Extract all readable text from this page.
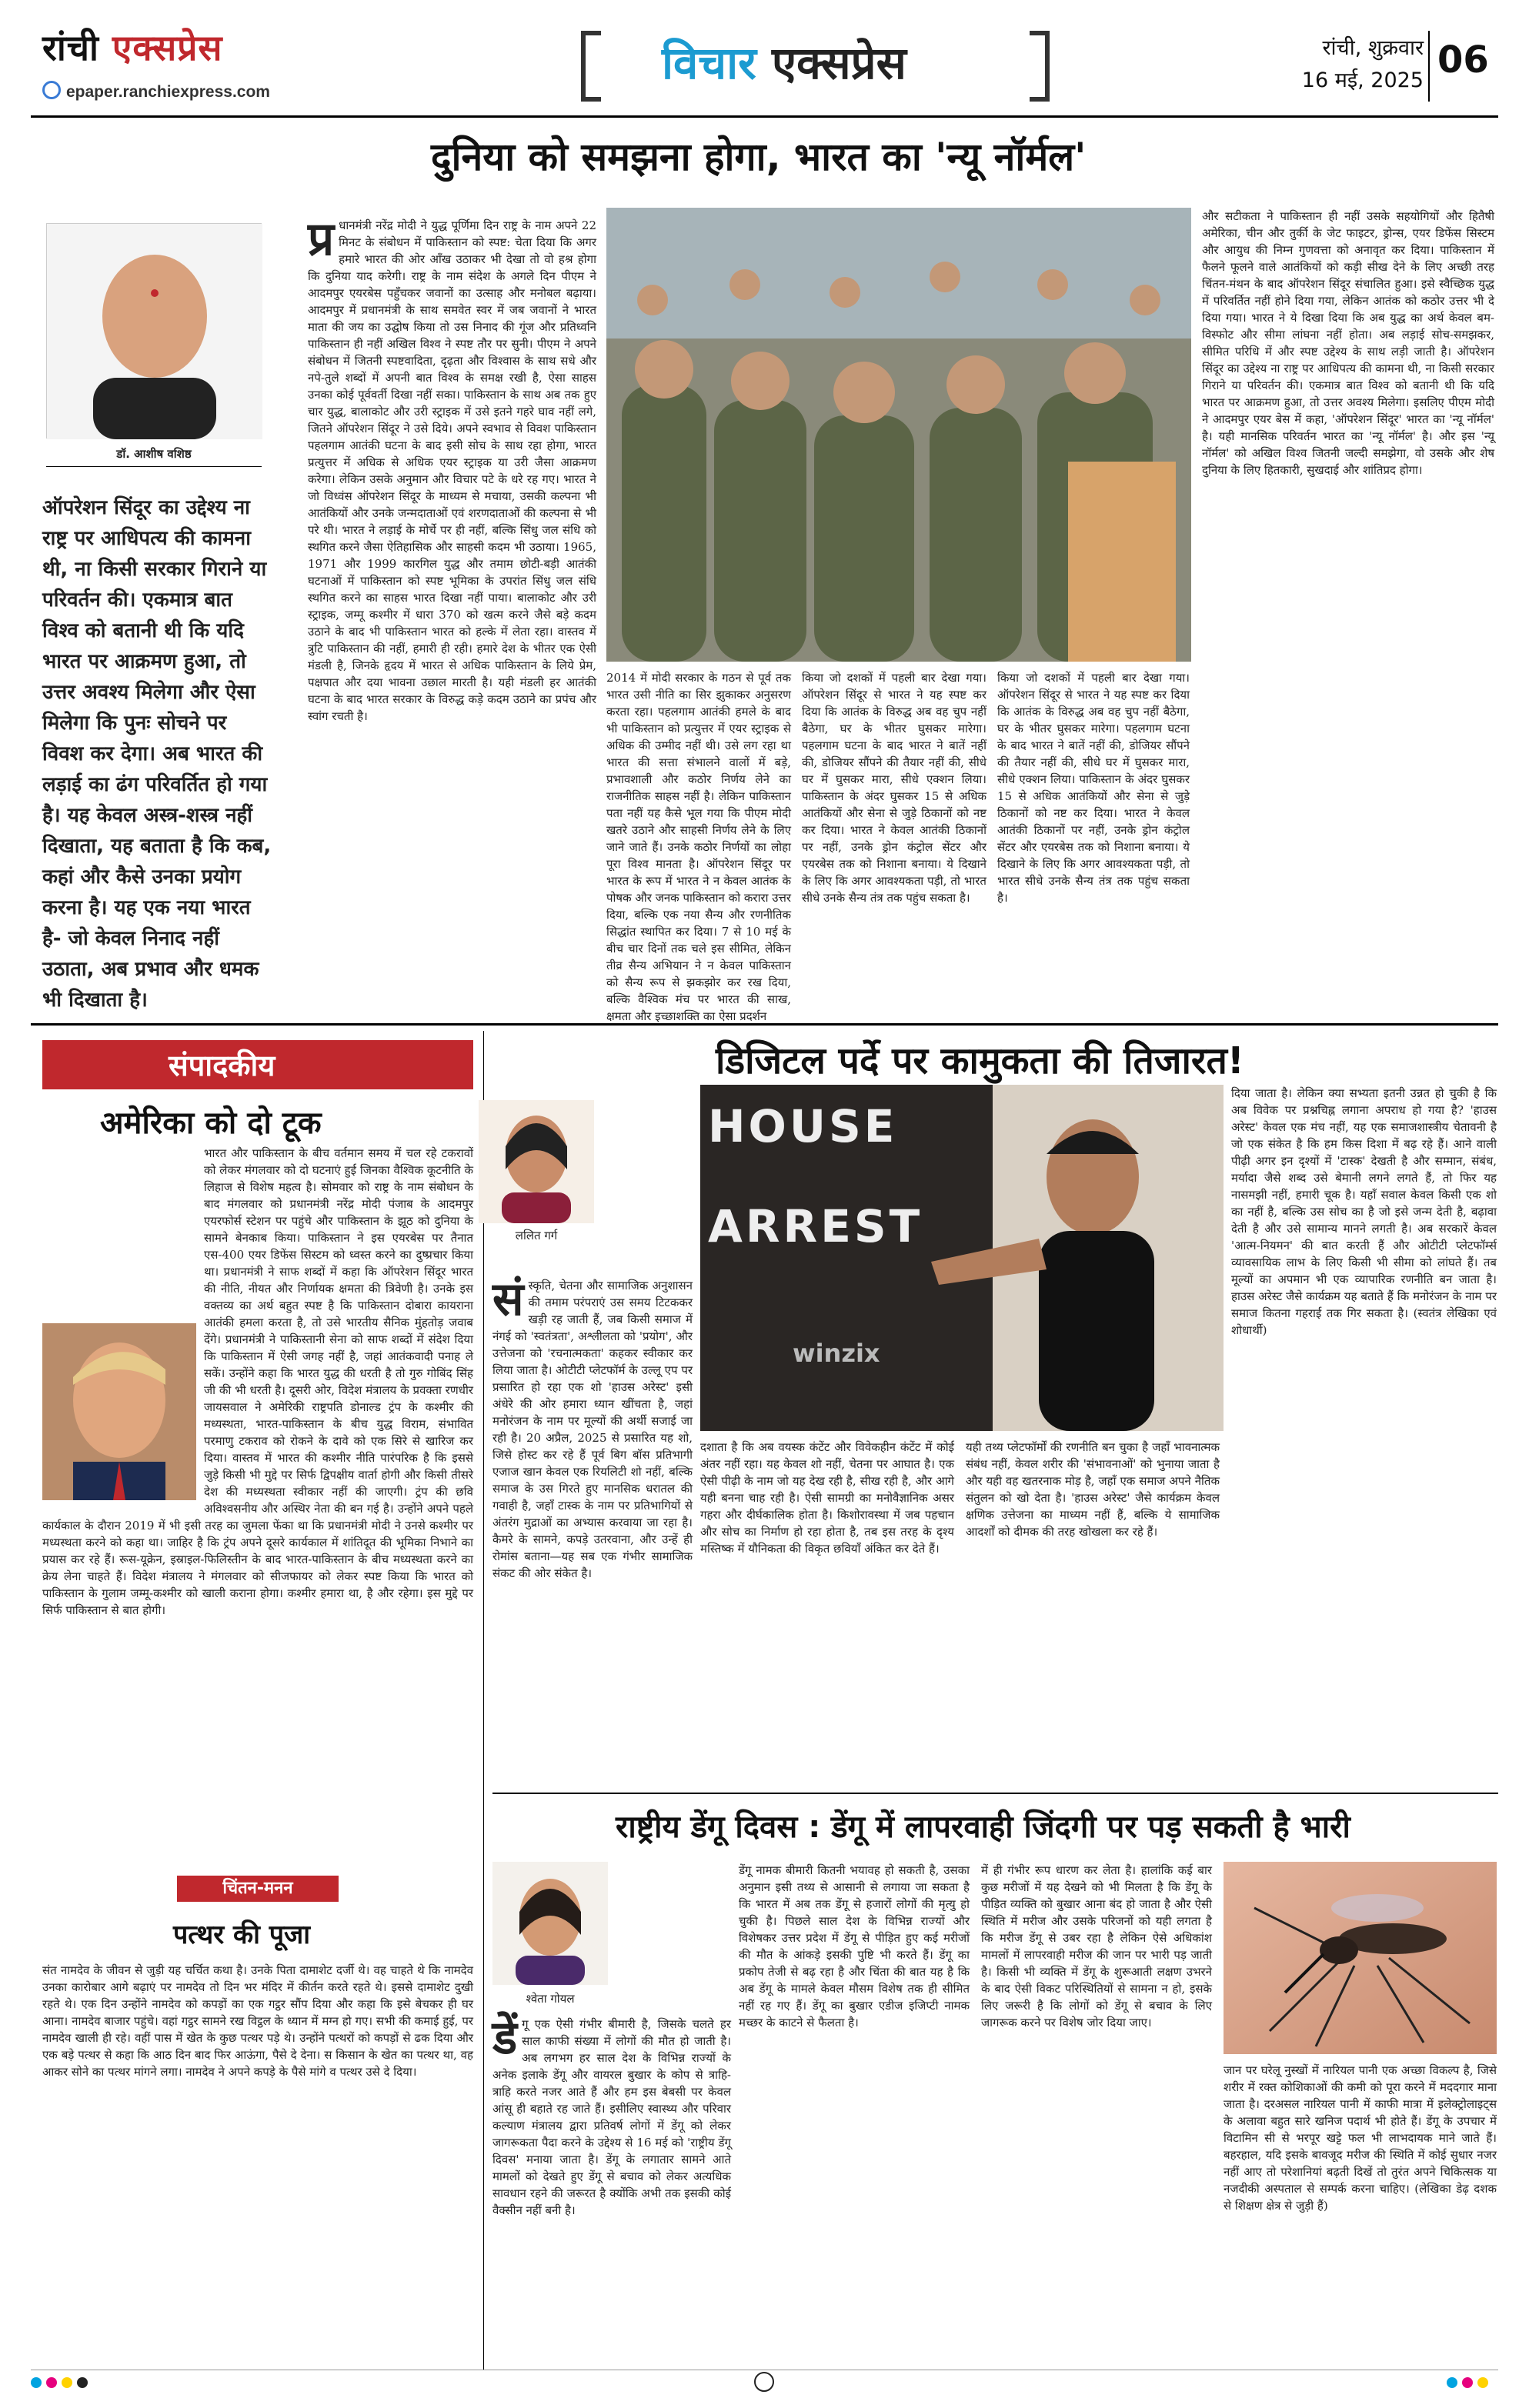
रांची एक्सप्रेस
epaper.ranchiexpress.com
विचार एक्सप्रेस	रांची, शुक्रवार
16 मई, 2025 06
दुनिया को समझना होगा, भारत का 'न्यू नॉर्मल'
डॉ. आशीष वशिष्ठ
ऑपरेशन सिंदूर का उद्देश्य ना राष्ट्र पर आधिपत्य की कामना थी, ना किसी सरकार गिराने या परिवर्तन की। एकमात्र बात विश्व को बतानी थी कि यदि भारत पर आक्रमण हुआ, तो उत्तर अवश्य मिलेगा और ऐसा मिलेगा कि पुनः सोचने पर विवश कर देगा। अब भारत की लड़ाई का ढंग परिवर्तित हो गया है। यह केवल अस्त्र-शस्त्र नहीं दिखाता, यह बताता है कि कब, कहां और कैसे उनका प्रयोग करना है। यह एक नया भारत है- जो केवल निनाद नहीं उठाता, अब प्रभाव और धमक भी दिखाता है।
प्र धानमंत्री नरेंद्र मोदी ने युद्ध पूर्णिमा दिन राष्ट्र के नाम अपने 22 मिनट के संबोधन में पाकिस्तान को स्पष्ट: चेता दिया कि अगर हमारे भारत की ओर आँख उठाकर भी देखा तो वो हश्र होगा कि दुनिया याद करेगी। राष्ट्र के नाम संदेश के अगले दिन पीएम ने आदमपुर एयरबेस पहुँचकर जवानों का उत्साह और मनोबल बढ़ाया। आदमपुर में प्रधानमंत्री के साथ समवेत स्वर में जब जवानों ने भारत माता की जय का उद्घोष किया तो उस निनाद की गूंज और प्रतिध्वनि पाकिस्तान ही नहीं अखिल विश्व ने स्पष्ट तौर पर सुनी। पीएम ने अपने संबोधन में जितनी स्पष्टवादिता, दृढ़ता और विश्वास के साथ सधे और नपे-तुले शब्दों में अपनी बात विश्व के समक्ष रखी है, ऐसा साहस उनका कोई पूर्ववर्ती दिखा नहीं सका। पाकिस्तान के साथ अब तक हुए चार युद्ध, बालाकोट और उरी स्ट्राइक में उसे इतने गहरे घाव नहीं लगे, जितने ऑपरेशन सिंदूर ने उसे दिये। अपने स्वभाव से विवश पाकिस्तान पहलगाम आतंकी घटना के बाद इसी सोच के साथ रहा होगा, भारत प्रत्युत्तर में अधिक से अधिक एयर स्ट्राइक या उरी जैसा आक्रमण करेगा। लेकिन उसके अनुमान और विचार पटे के धरे रह गए। भारत ने जो विध्वंस ऑपरेशन सिंदूर के माध्यम से मचाया, उसकी कल्पना भी आतंकियों और उनके जन्मदाताओं एवं शरणदाताओं की कल्पना से भी परे थी। भारत ने लड़ाई के मोर्चे पर ही नहीं, बल्कि सिंधु जल संधि को स्थगित करने जैसा ऐतिहासिक और साहसी कदम भी उठाया। 1965, 1971 और 1999 कारगिल युद्ध और तमाम छोटी-बड़ी आतंकी घटनाओं में पाकिस्तान को स्पष्ट भूमिका के उपरांत सिंधु जल संधि स्थगित करने का साहस भारत दिखा नहीं पाया। बालाकोट और उरी स्ट्राइक, जम्मू कश्मीर में धारा 370 को खत्म करने जैसे बड़े कदम उठाने के बाद भी पाकिस्तान भारत को हल्के में लेता रहा। वास्तव में त्रुटि पाकिस्तान की नहीं, हमारी ही रही। हमारे देश के भीतर एक ऐसी मंडली है, जिनके हृदय में भारत से अधिक पाकिस्तान के लिये प्रेम, पक्षपात और दया भावना उछाल मारती है। यही मंडली हर आतंकी घटना के बाद भारत सरकार के विरुद्ध कड़े कदम उठाने का प्रपंच और स्वांग रचती है।
2014 में मोदी सरकार के गठन से पूर्व तक भारत उसी नीति का सिर झुकाकर अनुसरण करता रहा। पहलगाम आतंकी हमले के बाद भी पाकिस्तान को प्रत्युत्तर में एयर स्ट्राइक से अधिक की उम्मीद नहीं थी। उसे लग रहा था भारत की सत्ता संभालने वालों में बड़े, प्रभावशाली और कठोर निर्णय लेने का राजनीतिक साहस नहीं है। लेकिन पाकिस्तान पता नहीं यह कैसे भूल गया कि पीएम मोदी खतरे उठाने और साहसी निर्णय लेने के लिए जाने जाते हैं। उनके कठोर निर्णयों का लोहा पूरा विश्व मानता है। ऑपरेशन सिंदूर पर भारत के रूप में भारत ने न केवल आतंक के पोषक और जनक पाकिस्तान को करारा उत्तर दिया, बल्कि एक नया सैन्य और रणनीतिक सिद्धांत स्थापित कर दिया। 7 से 10 मई के बीच चार दिनों तक चले इस सीमित, लेकिन तीव्र सैन्य अभियान ने न केवल पाकिस्तान को सैन्य रूप से झकझोर कर रख दिया, बल्कि वैश्विक मंच पर भारत की साख, क्षमता और इच्छाशक्ति का ऐसा प्रदर्शन
किया जो दशकों में पहली बार देखा गया। ऑपरेशन सिंदूर से भारत ने यह स्पष्ट कर दिया कि आतंक के विरुद्ध अब वह चुप नहीं बैठेगा, घर के भीतर घुसकर मारेगा। पहलगाम घटना के बाद भारत ने बातें नहीं की, डोजियर सौंपने की तैयार नहीं की, सीधे घर में घुसकर मारा, सीधे एक्शन लिया। पाकिस्तान के अंदर घुसकर 15 से अधिक आतंकियों और सेना से जुड़े ठिकानों को नष्ट कर दिया। भारत ने केवल आतंकी ठिकानों पर नहीं, उनके ड्रोन कंट्रोल सेंटर और एयरबेस तक को निशाना बनाया। ये दिखाने के लिए कि अगर आवश्यकता पड़ी, तो भारत सीधे उनके सैन्य तंत्र तक पहुंच सकता है।
किया जो दशकों में पहली बार देखा गया। ऑपरेशन सिंदूर से भारत ने यह स्पष्ट कर दिया कि आतंक के विरुद्ध अब वह चुप नहीं बैठेगा, घर के भीतर घुसकर मारेगा। पहलगाम घटना के बाद भारत ने बातें नहीं की, डोजियर सौंपने की तैयार नहीं की, सीधे घर में घुसकर मारा, सीधे एक्शन लिया। पाकिस्तान के अंदर घुसकर 15 से अधिक आतंकियों और सेना से जुड़े ठिकानों को नष्ट कर दिया। भारत ने केवल आतंकी ठिकानों पर नहीं, उनके ड्रोन कंट्रोल सेंटर और एयरबेस तक को निशाना बनाया। ये दिखाने के लिए कि अगर आवश्यकता पड़ी, तो भारत सीधे उनके सैन्य तंत्र तक पहुंच सकता है।
और सटीकता ने पाकिस्तान ही नहीं उसके सहयोगियों और हितैषी अमेरिका, चीन और तुर्की के जेट फाइटर, ड्रोन्स, एयर डिफेंस सिस्टम और आयुध की निम्न गुणवत्ता को अनावृत कर दिया। पाकिस्तान में फैलने फूलने वाले आतंकियों को कड़ी सीख देने के लिए अच्छी तरह चिंतन-मंथन के बाद ऑपरेशन सिंदूर संचालित हुआ। इसे स्वैच्छिक युद्ध में परिवर्तित नहीं होने दिया गया, लेकिन आतंक को कठोर उत्तर भी दे दिया गया। भारत ने ये दिखा दिया कि अब युद्ध का अर्थ केवल बम-विस्फोट और सीमा लांघना नहीं होता। अब लड़ाई सोच-समझकर, सीमित परिधि में और स्पष्ट उद्देश्य के साथ लड़ी जाती है। ऑपरेशन सिंदूर का उद्देश्य ना राष्ट्र पर आधिपत्य की कामना थी, ना किसी सरकार गिराने या परिवर्तन की। एकमात्र बात विश्व को बतानी थी कि यदि भारत पर आक्रमण हुआ, तो उत्तर अवश्य मिलेगा। इसलिए पीएम मोदी ने आदमपुर एयर बेस में कहा, 'ऑपरेशन सिंदूर' भारत का 'न्यू नॉर्मल' है। यही मानसिक परिवर्तन भारत का 'न्यू नॉर्मल' है। और इस 'न्यू नॉर्मल' को अखिल विश्व जितनी जल्दी समझेगा, वो उसके और शेष दुनिया के लिए हितकारी, सुखदाई और शांतिप्रद होगा।
संपादकीय
अमेरिका को दो टूक
भारत और पाकिस्तान के बीच वर्तमान समय में चल रहे टकरावों को लेकर मंगलवार को दो घटनाएं हुई जिनका वैश्विक कूटनीति के लिहाज से विशेष महत्व है। सोमवार को राष्ट्र के नाम संबोधन के बाद मंगलवार को प्रधानमंत्री नरेंद्र मोदी पंजाब के आदमपुर एयरफोर्स स्टेशन पर पहुंचे और पाकिस्तान के झूठ को दुनिया के सामने बेनकाब किया। पाकिस्तान ने इस एयरबेस पर तैनात एस-400 एयर डिफेंस सिस्टम को ध्वस्त करने का दुष्प्रचार किया था। प्रधानमंत्री ने साफ शब्दों में कहा कि ऑपरेशन सिंदूर भारत की नीति, नीयत और निर्णायक क्षमता की त्रिवेणी है। उनके इस वक्तव्य का अर्थ बहुत स्पष्ट है कि पाकिस्तान दोबारा कायराना आतंकी हमला करता है, तो उसे भारतीय सैनिक मुंहतोड़ जवाब देंगे। प्रधानमंत्री ने पाकिस्तानी सेना को साफ शब्दों में संदेश दिया कि पाकिस्तान में ऐसी जगह नहीं है, जहां आतंकवादी पनाह ले सकें। उन्होंने कहा कि भारत युद्ध की धरती है तो गुरु गोबिंद सिंह जी की भी धरती है। दूसरी ओर, विदेश मंत्रालय के प्रवक्ता रणधीर जायसवाल ने अमेरिकी राष्ट्रपति डोनाल्ड ट्रंप के कश्मीर की मध्यस्थता, भारत-पाकिस्तान के बीच युद्ध विराम, संभावित परमाणु टकराव को रोकने के दावे को एक सिरे से खारिज कर दिया। वास्तव में भारत की कश्मीर नीति पारंपरिक है कि इससे जुड़े किसी भी मुद्दे पर सिर्फ द्विपक्षीय वार्ता होगी और किसी तीसरे देश की मध्यस्थता स्वीकार नहीं की जाएगी। ट्रंप की छवि अविश्वसनीय और अस्थिर नेता की बन गई है। उन्होंने अपने पहले कार्यकाल के दौरान 2019 में भी इसी तरह का जुमला फेंका था कि प्रधानमंत्री मोदी ने उनसे कश्मीर पर मध्यस्थता करने को कहा था। जाहिर है कि ट्रंप अपने दूसरे कार्यकाल में शांतिदूत की भूमिका निभाने का प्रयास कर रहे हैं। रूस-यूक्रेन, इस्राइल-फिलिस्तीन के बाद भारत-पाकिस्तान के बीच मध्यस्थता करने का क्रेय लेना चाहते हैं। विदेश मंत्रालय ने मंगलवार को सीजफायर को लेकर स्पष्ट किया कि भारत को पाकिस्तान के गुलाम जम्मू-कश्मीर को खाली कराना होगा। कश्मीर हमारा था, है और रहेगा। इस मुद्दे पर सिर्फ पाकिस्तान से बात होगी।
चिंतन-मनन
पत्थर की पूजा
संत नामदेव के जीवन से जुड़ी यह चर्चित कथा है। उनके पिता दामाशेट दर्जी थे। वह चाहते थे कि नामदेव उनका कारोबार आगे बढ़ाएं पर नामदेव तो दिन भर मंदिर में कीर्तन करते रहते थे। इससे दामाशेट दुखी रहते थे। एक दिन उन्होंने नामदेव को कपड़ों का एक गट्ठर सौंप दिया और कहा कि इसे बेचकर ही घर आना। नामदेव बाजार पहुंचे। वहां गट्ठर सामने रख विट्ठल के ध्यान में मग्न हो गए। सभी की कमाई हुई, पर नामदेव खाली ही रहे। वहीं पास में खेत के कुछ पत्थर पड़े थे। उन्होंने पत्थरों को कपड़ों से ढक दिया और एक बड़े पत्थर से कहा कि आठ दिन बाद फिर आऊंगा, पैसे दे देना। स किसान के खेत का पत्थर था, वह आकर सोने का पत्थर मांगने लगा। नामदेव ने अपने कपड़े के पैसे मांगे व पत्थर उसे दे दिया।
डिजिटल पर्दे पर कामुकता की तिजारत!
ललित गर्ग
संस्कृति, चेतना और सामाजिक अनुशासन की तमाम परंपराएं उस समय टिटककर खड़ी रह जाती हैं, जब किसी समाज में नंगई को 'स्वतंत्रता', अश्लीलता को 'प्रयोग', और उत्तेजना को 'रचनात्मकता' कहकर स्वीकार कर लिया जाता है। ओटीटी प्लेटफॉर्म के उल्लू एप पर प्रसारित हो रहा एक शो 'हाउस अरेस्ट' इसी अंधेरे की ओर हमारा ध्यान खींचता है, जहां मनोरंजन के नाम पर मूल्यों की अर्थी सजाई जा रही है। 20 अप्रैल, 2025 से प्रसारित यह शो, जिसे होस्ट कर रहे हैं पूर्व बिग बॉस प्रतिभागी एजाज खान केवल एक रियलिटी शो नहीं, बल्कि समाज के उस गिरते हुए मानसिक धरातल की गवाही है, जहाँ टास्क के नाम पर प्रतिभागियों से अंतरंग मुद्राओं का अभ्यास करवाया जा रहा है। कैमरे के सामने, कपड़े उतरवाना, और उन्हें ही रोमांस बताना—यह सब एक गंभीर सामाजिक संकट की ओर संकेत है।
HOUSE
ARREST
winzix
दशाता है कि अब वयस्क कंटेंट और विवेकहीन कंटेंट में कोई अंतर नहीं रहा। यह केवल शो नहीं, चेतना पर आघात है। एक ऐसी पीढ़ी के नाम जो यह देख रही है, सीख रही है, और आगे यही बनना चाह रही है। ऐसी सामग्री का मनोवैज्ञानिक असर गहरा और दीर्घकालिक होता है। किशोरावस्था में जब पहचान और सोच का निर्माण हो रहा होता है, तब इस तरह के दृश्य मस्तिष्क में यौनिकता की विकृत छवियाँ अंकित कर देते हैं।
यही तथ्य प्लेटफॉर्मों की रणनीति बन चुका है जहाँ भावनात्मक संबंध नहीं, केवल शरीर की 'संभावनाओं' को भुनाया जाता है और यही वह खतरनाक मोड़ है, जहाँ एक समाज अपने नैतिक संतुलन को खो देता है। 'हाउस अरेस्ट' जैसे कार्यक्रम केवल क्षणिक उत्तेजना का माध्यम नहीं हैं, बल्कि ये सामाजिक आदर्शों को दीमक की तरह खोखला कर रहे हैं।
दिया जाता है। लेकिन क्या सभ्यता इतनी उन्नत हो चुकी है कि अब विवेक पर प्रश्नचिह्न लगाना अपराध हो गया है? 'हाउस अरेस्ट' केवल एक मंच नहीं, यह एक समाजशास्त्रीय चेतावनी है जो एक संकेत है कि हम किस दिशा में बढ़ रहे हैं। आने वाली पीढ़ी अगर इन दृश्यों में 'टास्क' देखती है और सम्मान, संबंध, मर्यादा जैसे शब्द उसे बेमानी लगने लगते हैं, तो फिर यह नासमझी नहीं, हमारी चूक है। यहाँ सवाल केवल किसी एक शो का नहीं है, बल्कि उस सोच का है जो इसे जन्म देती है, बढ़ावा देती है और उसे सामान्य मानने लगती है। अब सरकारें केवल 'आत्म-नियमन' की बात करती हैं और ओटीटी प्लेटफॉर्म्स व्यावसायिक लाभ के लिए किसी भी सीमा को लांघते हैं। तब मूल्यों का अपमान भी एक व्यापारिक रणनीति बन जाता है। हाउस अरेस्ट जैसे कार्यक्रम यह बताते हैं कि मनोरंजन के नाम पर समाज कितना गहराई तक गिर सकता है। (स्वतंत्र लेखिका एवं शोधार्थी)
राष्ट्रीय डेंगू दिवस : डेंगू में लापरवाही जिंदगी पर पड़ सकती है भारी
श्वेता गोयल
डेंगू एक ऐसी गंभीर बीमारी है, जिसके चलते हर साल काफी संख्या में लोगों की मौत हो जाती है। अब लगभग हर साल देश के विभिन्न राज्यों के अनेक इलाके डेंगू और वायरल बुखार के कोप से त्राहि-त्राहि करते नजर आते हैं और हम इस बेबसी पर केवल आंसू ही बहाते रह जाते हैं। इसीलिए स्वास्थ्य और परिवार कल्याण मंत्रालय द्वारा प्रतिवर्ष लोगों में डेंगू को लेकर जागरूकता पैदा करने के उद्देश्य से 16 मई को 'राष्ट्रीय डेंगू दिवस' मनाया जाता है। डेंगू के लगातार सामने आते मामलों को देखते हुए डेंगू से बचाव को लेकर अत्यधिक सावधान रहने की जरूरत है क्योंकि अभी तक इसकी कोई वैक्सीन नहीं बनी है।
डेंगू नामक बीमारी कितनी भयावह हो सकती है, उसका अनुमान इसी तथ्य से आसानी से लगाया जा सकता है कि भारत में अब तक डेंगू से हजारों लोगों की मृत्यु हो चुकी है। पिछले साल देश के विभिन्न राज्यों और विशेषकर उत्तर प्रदेश में डेंगू से पीड़ित हुए कई मरीजों की मौत के आंकड़े इसकी पुष्टि भी करते हैं। डेंगू का प्रकोप तेजी से बढ़ रहा है और चिंता की बात यह है कि अब डेंगू के मामले केवल मौसम विशेष तक ही सीमित नहीं रह गए हैं। डेंगू का बुखार एडीज इजिप्टी नामक मच्छर के काटने से फैलता है।
में ही गंभीर रूप धारण कर लेता है। हालांकि कई बार कुछ मरीजों में यह देखने को भी मिलता है कि डेंगू के पीड़ित व्यक्ति को बुखार आना बंद हो जाता है और ऐसी स्थिति में मरीज और उसके परिजनों को यही लगता है कि मरीज डेंगू से उबर रहा है लेकिन ऐसे अधिकांश मामलों में लापरवाही मरीज की जान पर भारी पड़ जाती है। किसी भी व्यक्ति में डेंगू के शुरूआती लक्षण उभरने के बाद ऐसी विकट परिस्थितियों से सामना न हो, इसके लिए जरूरी है कि लोगों को डेंगू से बचाव के लिए जागरूक करने पर विशेष जोर दिया जाए।
जान पर घरेलू नुस्खों में नारियल पानी एक अच्छा विकल्प है, जिसे शरीर में रक्त कोशिकाओं की कमी को पूरा करने में मददगार माना जाता है। दरअसल नारियल पानी में काफी मात्रा में इलेक्ट्रोलाइट्स के अलावा बहुत सारे खनिज पदार्थ भी होते हैं। डेंगू के उपचार में विटामिन सी से भरपूर खट्टे फल भी लाभदायक माने जाते हैं। बहरहाल, यदि इसके बावजूद मरीज की स्थिति में कोई सुधार नजर नहीं आए तो परेशानियां बढ़ती दिखें तो तुरंत अपने चिकित्सक या नजदीकी अस्पताल से सम्पर्क करना चाहिए। (लेखिका डेढ़ दशक से शिक्षण क्षेत्र से जुड़ी हैं)
